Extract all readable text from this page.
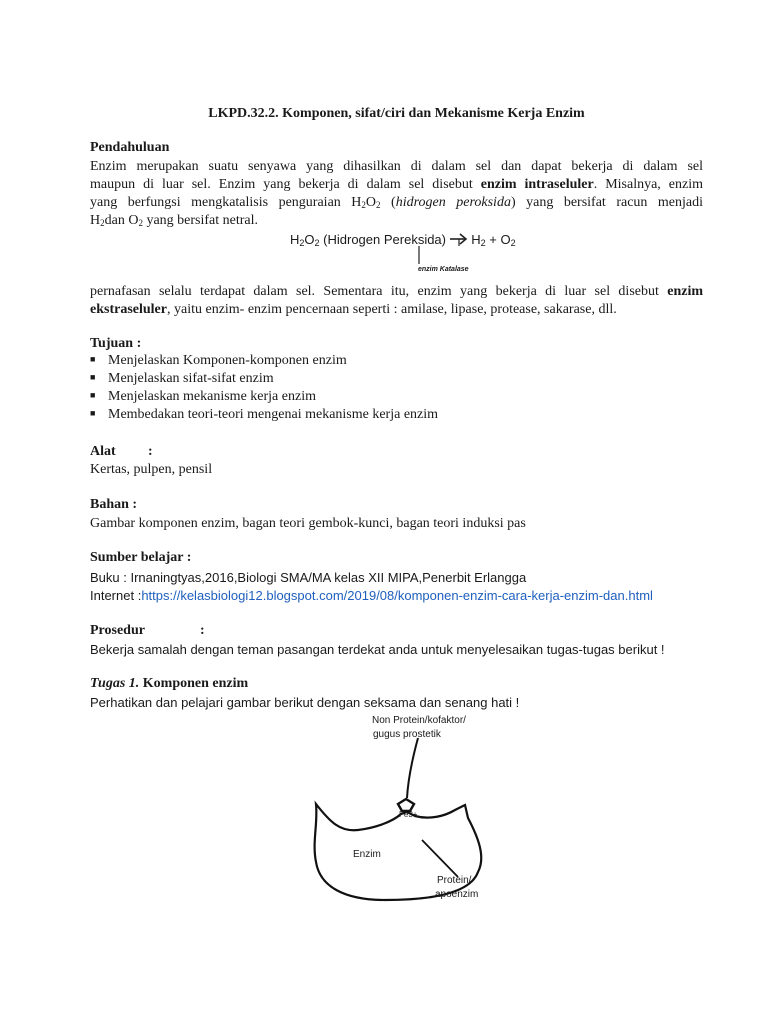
LKPD.32.2. Komponen, sifat/ciri dan Mekanisme Kerja Enzim
Pendahuluan
Enzim merupakan suatu senyawa yang dihasilkan di dalam sel dan dapat bekerja di dalam sel
maupun di luar sel. Enzim yang bekerja di dalam sel disebut enzim intraseluler. Misalnya, enzim
yang berfungsi mengkatalisis penguraian $H_2O_2$ (hidrogen peroksida) yang bersifat racun menjadi
$H_2dan$ $O_2$ yang bersifat netral.
$H_2O_2$ (Hidrogen Pereksida)  $H_2 + O_2$
enzim Katalase
pernafasan selalu terdapat dalam sel. Sementara itu, enzim yang bekerja di luar sel disebut enzim
ekstraseluler, yaitu enzim- enzim pencernaan seperti : amilase, lipase, protease, sakarase, dll.
Tujuan :
■ Menjelaskan Komponen-komponen enzim
■ Menjelaskan sifat-sifat enzim
■ Menjelaskan mekanisme kerja enzim
■ Membedakan teori-teori mengenai mekanisme kerja enzim
Alat :
Kertas, pulpen, pensil
Bahan :
Gambar komponen enzim, bagan teori gembok-kunci, bagan teori induksi pas
Sumber belajar :
Buku : Irnaningtyas,2016,Biologi SMA/MA kelas XII MIPA,Penerbit Erlangga
Internet :https://kelasbiologi12.blogspot.com/2019/08/komponen-enzim-cara-kerja-enzim-dan.html
Prosedur	:
Bekerja samalah dengan teman pasangan terdekat anda untuk menyelesaikan tugas-tugas berikut !
Tugas 1. Komponen enzim
Perhatikan dan pelajari gambar berikut dengan seksama dan senang hati !
Non Protein/kofaktor/
gugus prostetik
Fe3+
Enzim
Protein/
apoenzim
